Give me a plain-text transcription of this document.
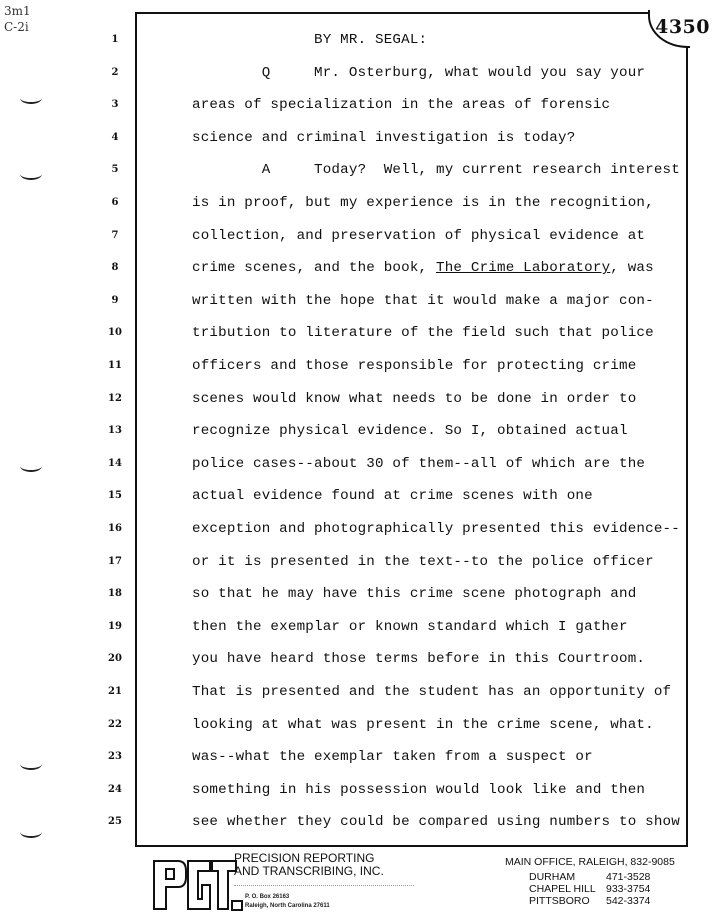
3m1
C-2i	4350
1	BY MR. SEGAL:
2	Q     Mr. Osterburg, what would you say your
3	areas of specialization in the areas of forensic
4	science and criminal investigation is today?
5	A     Today?  Well, my current research interest
6	is in proof, but my experience is in the recognition,
7	collection, and preservation of physical evidence at
8	crime scenes, and the book, The Crime Laboratory, was
9	written with the hope that it would make a major con-
10	tribution to literature of the field such that police
11	officers and those responsible for protecting crime
12	scenes would know what needs to be done in order to
13	recognize physical evidence. So I, obtained actual
14	police cases--about 30 of them--all of which are the
15	actual evidence found at crime scenes with one
16	exception and photographically presented this evidence--
17	or it is presented in the text--to the police officer
18	so that he may have this crime scene photograph and
19	then the exemplar or known standard which I gather
20	you have heard those terms before in this Courtroom.
21	That is presented and the student has an opportunity of
22	looking at what was present in the crime scene, what.
23	was--what the exemplar taken from a suspect or
24	something in his possession would look like and then
25	see whether they could be compared using numbers to show
PRECISION REPORTING
AND TRANSCRIBING, INC.
P. O. Box 26163
Raleigh, North Carolina 27611
MAIN OFFICE, RALEIGH, 832-9085
DURHAM	471-3528
CHAPEL HILL 933-3754
PITTSBORO	542-3374
